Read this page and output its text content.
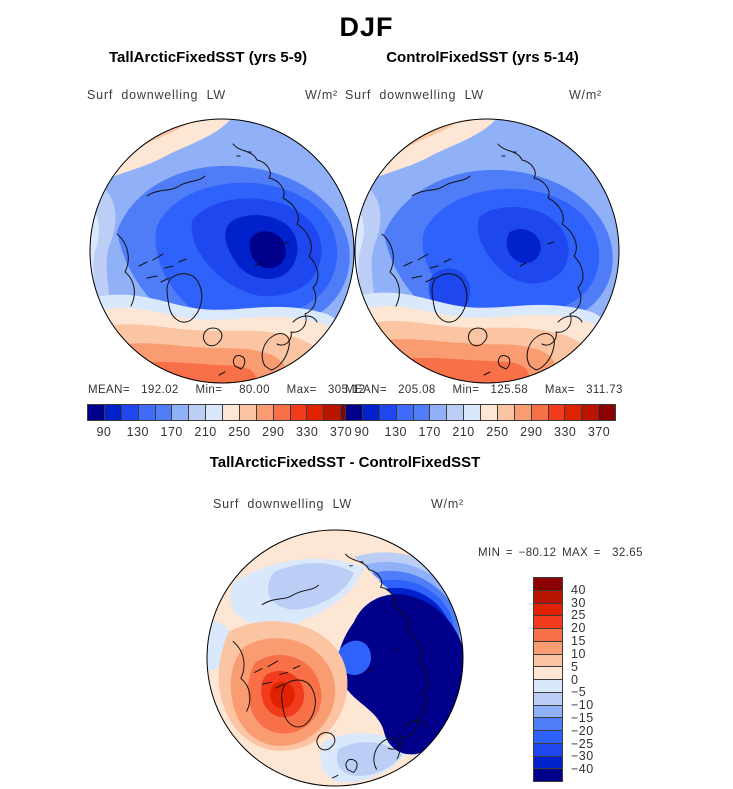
DJF
TallArcticFixedSST (yrs 5-9)	ControlFixedSST (yrs 5-14)
Surf downwelling LW	W/m² Surf downwelling LW	W/m²
MEAN=  192.02   Min=   80.00   Max=  305.12
MEAN=  205.08   Min=  125.58   Max=  311.73
90 130 170 210 250 290 330 370 90 130 170 210 250 290 330 370
TallArcticFixedSST - ControlFixedSST
Surf downwelling LW	W/m²
MIN = −80.12 MAX =  32.65
40
30
25
20
15
10
5
0
−5
−10
−15
−20
−25
−30
−40
